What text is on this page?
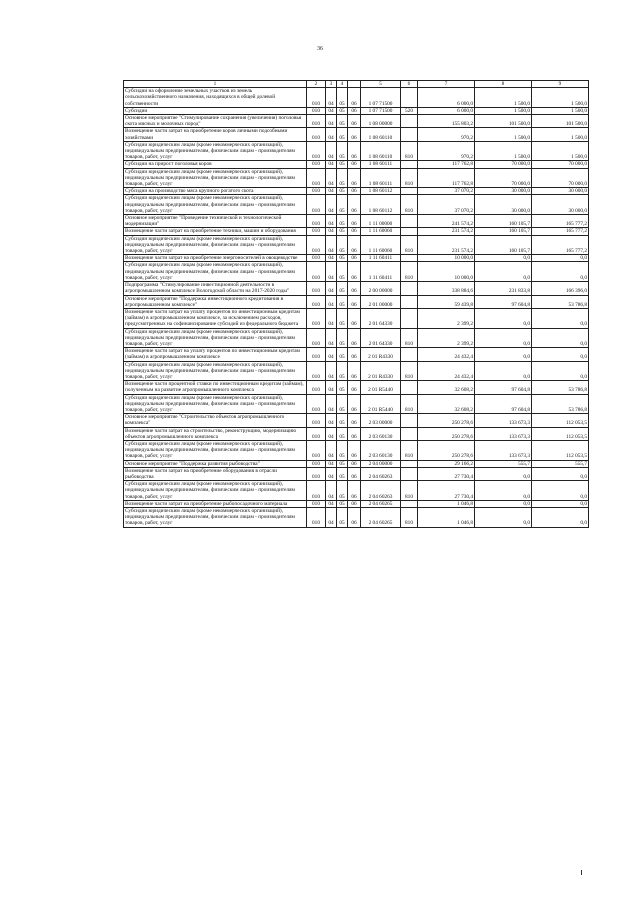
36
1	2	3	4		5	6	7	8	9
Субсидии на оформление земельных участков из земель сельскохозяйственного назначения, находящихся в общей долевой собственности	010	04	05	06	1 07 71500		6 000,0	1 500,0	1 500,0
Субсидии	010	04	05	06	1 07 71500	520	6 000,0	1 500,0	1 500,0
Основное мероприятие "Стимулирование сохранения (увеличения) поголовья скота мясных и молочных пород"	010	04	05	06	1 08 00000		155 803,2	101 500,0	101 500,0
Возмещение части затрат на приобретение коров личными подсобными хозяйствами	010	04	05	06	1 08 60110		970,2	1 500,0	1 500,0
Субсидии юридическим лицам (кроме некоммерческих организаций), индивидуальным предпринимателям, физическим лицам - производителям товаров, работ, услуг	010	04	05	06	1 08 60110	810	970,2	1 500,0	1 500,0
Субсидии на прирост поголовья коров	010	04	05	06	1 08 60111		117 762,8	70 000,0	70 000,0
Субсидии юридическим лицам (кроме некоммерческих организаций), индивидуальным предпринимателям, физическим лицам - производителям товаров, работ, услуг	010	04	05	06	1 08 60111	810	117 762,8	70 000,0	70 000,0
Субсидии на производство мяса крупного рогатого скота	010	04	05	06	1 08 60112		37 070,2	30 000,0	30 000,0
Субсидии юридическим лицам (кроме некоммерческих организаций), индивидуальным предпринимателям, физическим лицам - производителям товаров, работ, услуг	010	04	05	06	1 08 60112	810	37 070,2	30 000,0	30 000,0
Основное мероприятие "Проведение технической и технологической модернизации"	010	04	05	06	1 11 00000		241 574,2	160 105,7	165 777,2
Возмещение части затрат на приобретение техники, машин и оборудования	010	04	05	06	1 11 60060		231 574,2	160 105,7	165 777,2
Субсидии юридическим лицам (кроме некоммерческих организаций), индивидуальным предпринимателям, физическим лицам - производителям товаров, работ, услуг	010	04	05	06	1 11 60060	810	231 574,2	160 105,7	165 777,2
Возмещение части затрат на приобретение энергоносителей в овощеводстве	010	04	05	06	1 11 60411		10 000,0	0,0	0,0
Субсидии юридическим лицам (кроме некоммерческих организаций), индивидуальным предпринимателям, физическим лицам - производителям товаров, работ, услуг	010	04	05	06	1 11 60411	810	10 000,0	0,0	0,0
Подпрограмма "Стимулирование инвестиционной деятельности в агропромышленном комплексе Вологодской области на 2017-2020 годы"	010	04	05	06	2 00 00000		338 884,6	231 833,8	166 396,0
Основное мероприятие "Поддержка инвестиционного кредитования в агропромышленном комплексе"	010	04	05	06	2 01 00000		59 439,8	97 604,8	53 786,8
Возмещение части затрат на уплату процентов по инвестиционным кредитам (займам) в агропромышленном комплексе, за исключением расходов, предусмотренных на софинансирование субсидий из федерального бюджета	010	04	05	06	2 01 64330		2 399,2	0,0	0,0
Субсидии юридическим лицам (кроме некоммерческих организаций), индивидуальным предпринимателям, физическим лицам - производителям товаров, работ, услуг	010	04	05	06	2 01 64330	810	2 399,2	0,0	0,0
Возмещение части затрат на уплату процентов по инвестиционным кредитам (займам) в агропромышленном комплексе	010	04	05	06	2 01 R4330		24 432,4	0,0	0,0
Субсидии юридическим лицам (кроме некоммерческих организаций), индивидуальным предпринимателям, физическим лицам - производителям товаров, работ, услуг	010	04	05	06	2 01 R4330	810	24 432,4	0,0	0,0
Возмещение части процентной ставки по инвестиционным кредитам (займам), полученным на развитие агропромышленного комплекса	010	04	05	06	2 01 R5440		32 608,2	97 604,8	53 786,8
Субсидии юридическим лицам (кроме некоммерческих организаций), индивидуальным предпринимателям, физическим лицам - производителям товаров, работ, услуг	010	04	05	06	2 01 R5440	810	32 608,2	97 604,8	53 786,8
Основное мероприятие "Строительство объектов агропромышленного комплекса"	010	04	05	06	2 03 00000		250 278,6	133 673,3	112 053,5
Возмещение части затрат на строительство, реконструкцию, модернизацию объектов агропромышленного комплекса	010	04	05	06	2 03 60130		250 278,6	133 673,3	112 053,5
Субсидии юридическим лицам (кроме некоммерческих организаций), индивидуальным предпринимателям, физическим лицам - производителям товаров, работ, услуг	010	04	05	06	2 03 60130	810	250 278,6	133 673,3	112 053,5
Основное мероприятие "Поддержка развития рыбоводства"	010	04	05	06	2 04 00000		29 166,2	555,7	555,7
Возмещение части затрат на приобретение оборудования в отрасли рыбоводства	010	04	05	06	2 04 60263		27 730,4	0,0	0,0
Субсидии юридическим лицам (кроме некоммерческих организаций), индивидуальным предпринимателям, физическим лицам - производителям товаров, работ, услуг	010	04	05	06	2 04 60263	810	27 730,4	0,0	0,0
Возмещение части затрат на приобретение рыбопосадочного материала	010	04	05	06	2 04 60265		1 046,8	0,0	0,0
Субсидии юридическим лицам (кроме некоммерческих организаций), индивидуальным предпринимателям, физическим лицам - производителям товаров, работ, услуг	010	04	05	06	2 04 60265	810	1 046,8	0,0	0,0
